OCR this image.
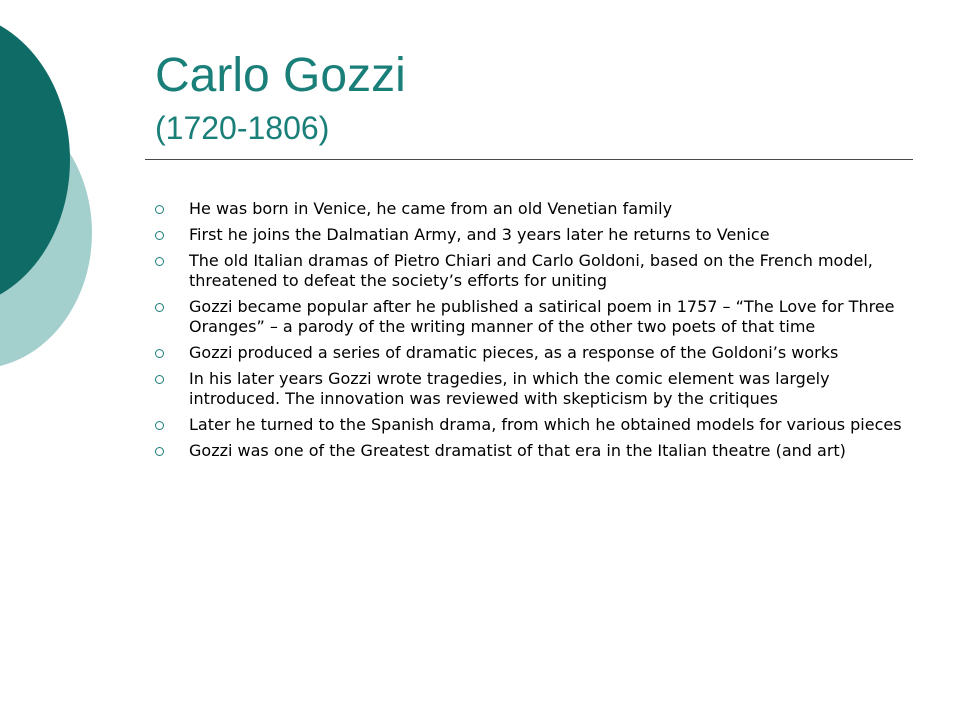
Carlo Gozzi
(1720-1806)
He was born in Venice, he came from an old Venetian family
First he joins the Dalmatian Army, and 3 years later he returns to Venice
The old Italian dramas of Pietro Chiari and Carlo Goldoni, based on the French model, threatened to defeat the society’s efforts for uniting
Gozzi became popular after he published a satirical poem in 1757 – “The Love for Three Oranges” – a parody of the writing manner of the other two poets of that time
Gozzi produced a series of dramatic pieces, as a response of the Goldoni’s works
In his later years Gozzi wrote tragedies, in which the comic element was largely introduced. The innovation was reviewed with skepticism by the critiques
Later he turned to the Spanish drama, from which he obtained models for various pieces
Gozzi was one of the Greatest dramatist of that era in the Italian theatre (and art)
